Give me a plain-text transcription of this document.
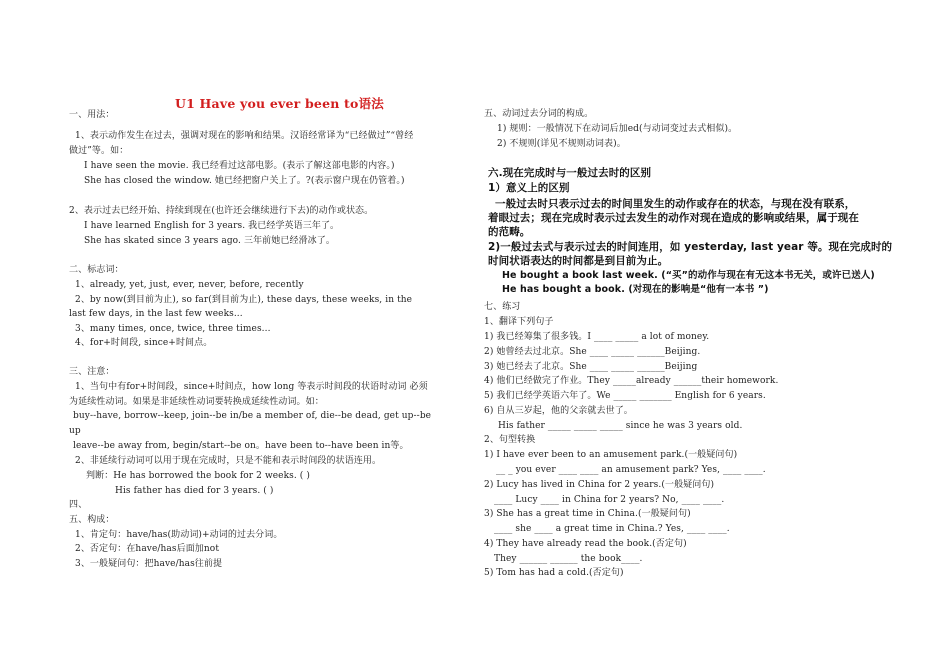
U1 Have you ever been to语法
一、用法：
1、表示动作发生在过去，强调对现在的影响和结果。汉语经常译为“已经做过”“曾经
做过”等。如：
I have seen the movie. 我已经看过这部电影。(表示了解这部电影的内容。)
She has closed the window. 她已经把窗户关上了。?(表示窗户现在仍管着。)
2、表示过去已经开始、持续到现在(也许还会继续进行下去)的动作或状态。
I have learned English for 3 years. 我已经学英语三年了。
She has skated since 3 years ago. 三年前她已经滑冰了。
二、标志词：
1、already, yet, just, ever, never, before, recently
2、by now(到目前为止), so far(到目前为止), these days, these weeks, in the
last few days, in the last few weeks...
3、many times, once, twice, three times...
4、for+时间段, since+时间点。
三、注意：
1、当句中有for+时间段，since+时间点，how long 等表示时间段的状语时动词 必须
为延续性动词。如果是非延续性动词要转换成延续性动词。如：
buy--have, borrow--keep, join--be in/be a member of, die--be dead, get up--be
up
leave--be away from, begin/start--be on。have been to--have been in等。
2、非延续行动词可以用于现在完成时，只是不能和表示时间段的状语连用。
判断：He has borrowed the book for 2 weeks. ( )
His father has died for 3 years. ( )
四、
五、构成：
1、肯定句：have/has(助动词)+动词的过去分词。
2、否定句：在have/has后面加not
3、一般疑问句：把have/has往前提
五、动词过去分词的构成。
1) 规则：一般情况下在动词后加ed(与动词变过去式相似)。
2) 不规则(详见不规则动词表)。
六.现在完成时与一般过去时的区别
1）意义上的区别
一般过去时只表示过去的时间里发生的动作或存在的状态，与现在没有联系，
着眼过去；现在完成时表示过去发生的动作对现在造成的影响或结果，属于现在
的范畴。
2)一般过去式与表示过去的时间连用，如 yesterday, last year 等。现在完成时的
时间状语表达的时间都是到目前为止。
He bought a book last week. (“买”的动作与现在有无这本书无关，或许已送人)
He has bought a book. (对现在的影响是“他有一本书 ”)
七、练习
1、翻译下列句子
1) 我已经筹集了很多钱。I ____ _____ a lot of money.
2) 她曾经去过北京。She ____ _____ ______Beijing.
3) 她已经去了北京。She ____ _____ ______Beijing
4) 他们已经做完了作业。They _____already ______their homework.
5) 我们已经学英语六年了。We _____ _______ English for 6 years.
6) 自从三岁起，他的父亲就去世了。
His father _____ _____ _____ since he was 3 years old.
2、句型转换
1) I have ever been to an amusement park.(一般疑问句)
__ _ you ever ____ ____ an amusement park? Yes, ____ ____.
2) Lucy has lived in China for 2 years.(一般疑问句)
____ Lucy ____ in China for 2 years? No, ____ ____.
3) She has a great time in China.(一般疑问句)
____ she ____ a great time in China.? Yes, ____ ____.
4) They have already read the book.(否定句)
They ______ ______ the book____.
5) Tom has had a cold.(否定句)
